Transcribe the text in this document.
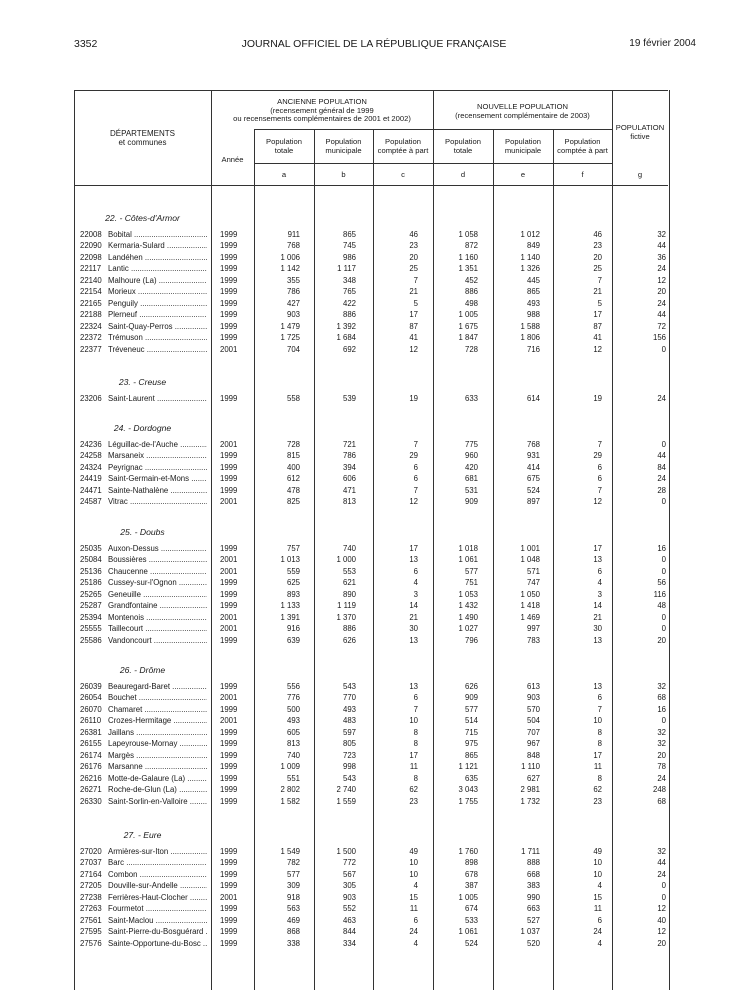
3352	JOURNAL OFFICIEL DE LA RÉPUBLIQUE FRANÇAISE	19 février 2004
DÉPARTEMENTS
et communes
Année
ANCIENNE POPULATION
(recensement général de 1999
ou recensements complémentaires de 2001 et 2002)
NOUVELLE POPULATION
(recensement complémentaire de 2003)
POPULATION
fictive
Population
totale
Population
municipale
Population
comptée à part
Population
totale
Population
municipale
Population
comptée à part
a	b	c	d	e	f	g
22. - Côtes-d'Armor
22008 Bobital .....	1999	911	865	46	1 058	1 012	46	32
22090 Kermaria-Sulard .....	1999	768	745	23	872	849	23	44
22098 Landéhen .....	1999	1 006	986	20	1 160	1 140	20	36
22117 Lantic .....	1999	1 142	1 117	25	1 351	1 326	25	24
22140 Malhoure (La) .....	1999	355	348	7	452	445	7	12
22154 Morieux .....	1999	786	765	21	886	865	21	20
22165 Penguily .....	1999	427	422	5	498	493	5	24
22188 Plerneuf .....	1999	903	886	17	1 005	988	17	44
22324 Saint-Quay-Perros .....	1999	1 479	1 392	87	1 675	1 588	87	72
22372 Trémuson .....	1999	1 725	1 684	41	1 847	1 806	41	156
22377 Tréveneuc .....	2001	704	692	12	728	716	12	0
23. - Creuse
23206 Saint-Laurent .....	1999	558	539	19	633	614	19	24
24. - Dordogne
24236 Léguillac-de-l'Auche .....	2001	728	721	7	775	768	7	0
24258 Marsaneix .....	1999	815	786	29	960	931	29	44
24324 Peyrignac .....	1999	400	394	6	420	414	6	84
24419 Saint-Germain-et-Mons .....	1999	612	606	6	681	675	6	24
24471 Sainte-Nathalène .....	1999	478	471	7	531	524	7	28
24587 Vitrac .....	2001	825	813	12	909	897	12	0
25. - Doubs
25035 Auxon-Dessus .....	1999	757	740	17	1 018	1 001	17	16
25084 Boussières .....	2001	1 013	1 000	13	1 061	1 048	13	0
25136 Chaucenne .....	2001	559	553	6	577	571	6	0
25186 Cussey-sur-l'Ognon .....	1999	625	621	4	751	747	4	56
25265 Geneuille .....	1999	893	890	3	1 053	1 050	3	116
25287 Grandfontaine .....	1999	1 133	1 119	14	1 432	1 418	14	48
25394 Montenois .....	2001	1 391	1 370	21	1 490	1 469	21	0
25555 Taillecourt .....	2001	916	886	30	1 027	997	30	0
25586 Vandoncourt .....	1999	639	626	13	796	783	13	20
26. - Drôme
26039 Beauregard-Baret .....	1999	556	543	13	626	613	13	32
26054 Bouchet .....	2001	776	770	6	909	903	6	68
26070 Chamaret .....	1999	500	493	7	577	570	7	16
26110 Crozes-Hermitage .....	2001	493	483	10	514	504	10	0
26381 Jaillans .....	1999	605	597	8	715	707	8	32
26155 Lapeyrouse-Mornay .....	1999	813	805	8	975	967	8	32
26174 Margès .....	1999	740	723	17	865	848	17	20
26176 Marsanne .....	1999	1 009	998	11	1 121	1 110	11	78
26216 Motte-de-Galaure (La) .....	1999	551	543	8	635	627	8	24
26271 Roche-de-Glun (La) .....	1999	2 802	2 740	62	3 043	2 981	62	248
26330 Saint-Sorlin-en-Valloire .....	1999	1 582	1 559	23	1 755	1 732	23	68
27. - Eure
27020 Armières-sur-Iton .....	1999	1 549	1 500	49	1 760	1 711	49	32
27037 Barc .....	1999	782	772	10	898	888	10	44
27164 Combon .....	1999	577	567	10	678	668	10	24
27205 Douville-sur-Andelle .....	1999	309	305	4	387	383	4	0
27238 Ferrières-Haut-Clocher .....	2001	918	903	15	1 005	990	15	0
27263 Fourmetot .....	1999	563	552	11	674	663	11	12
27561 Saint-Maclou .....	1999	469	463	6	533	527	6	40
27595 Saint-Pierre-du-Bosguérard .....	1999	868	844	24	1 061	1 037	24	12
27576 Sainte-Opportune-du-Bosc .....	1999	338	334	4	524	520	4	20
